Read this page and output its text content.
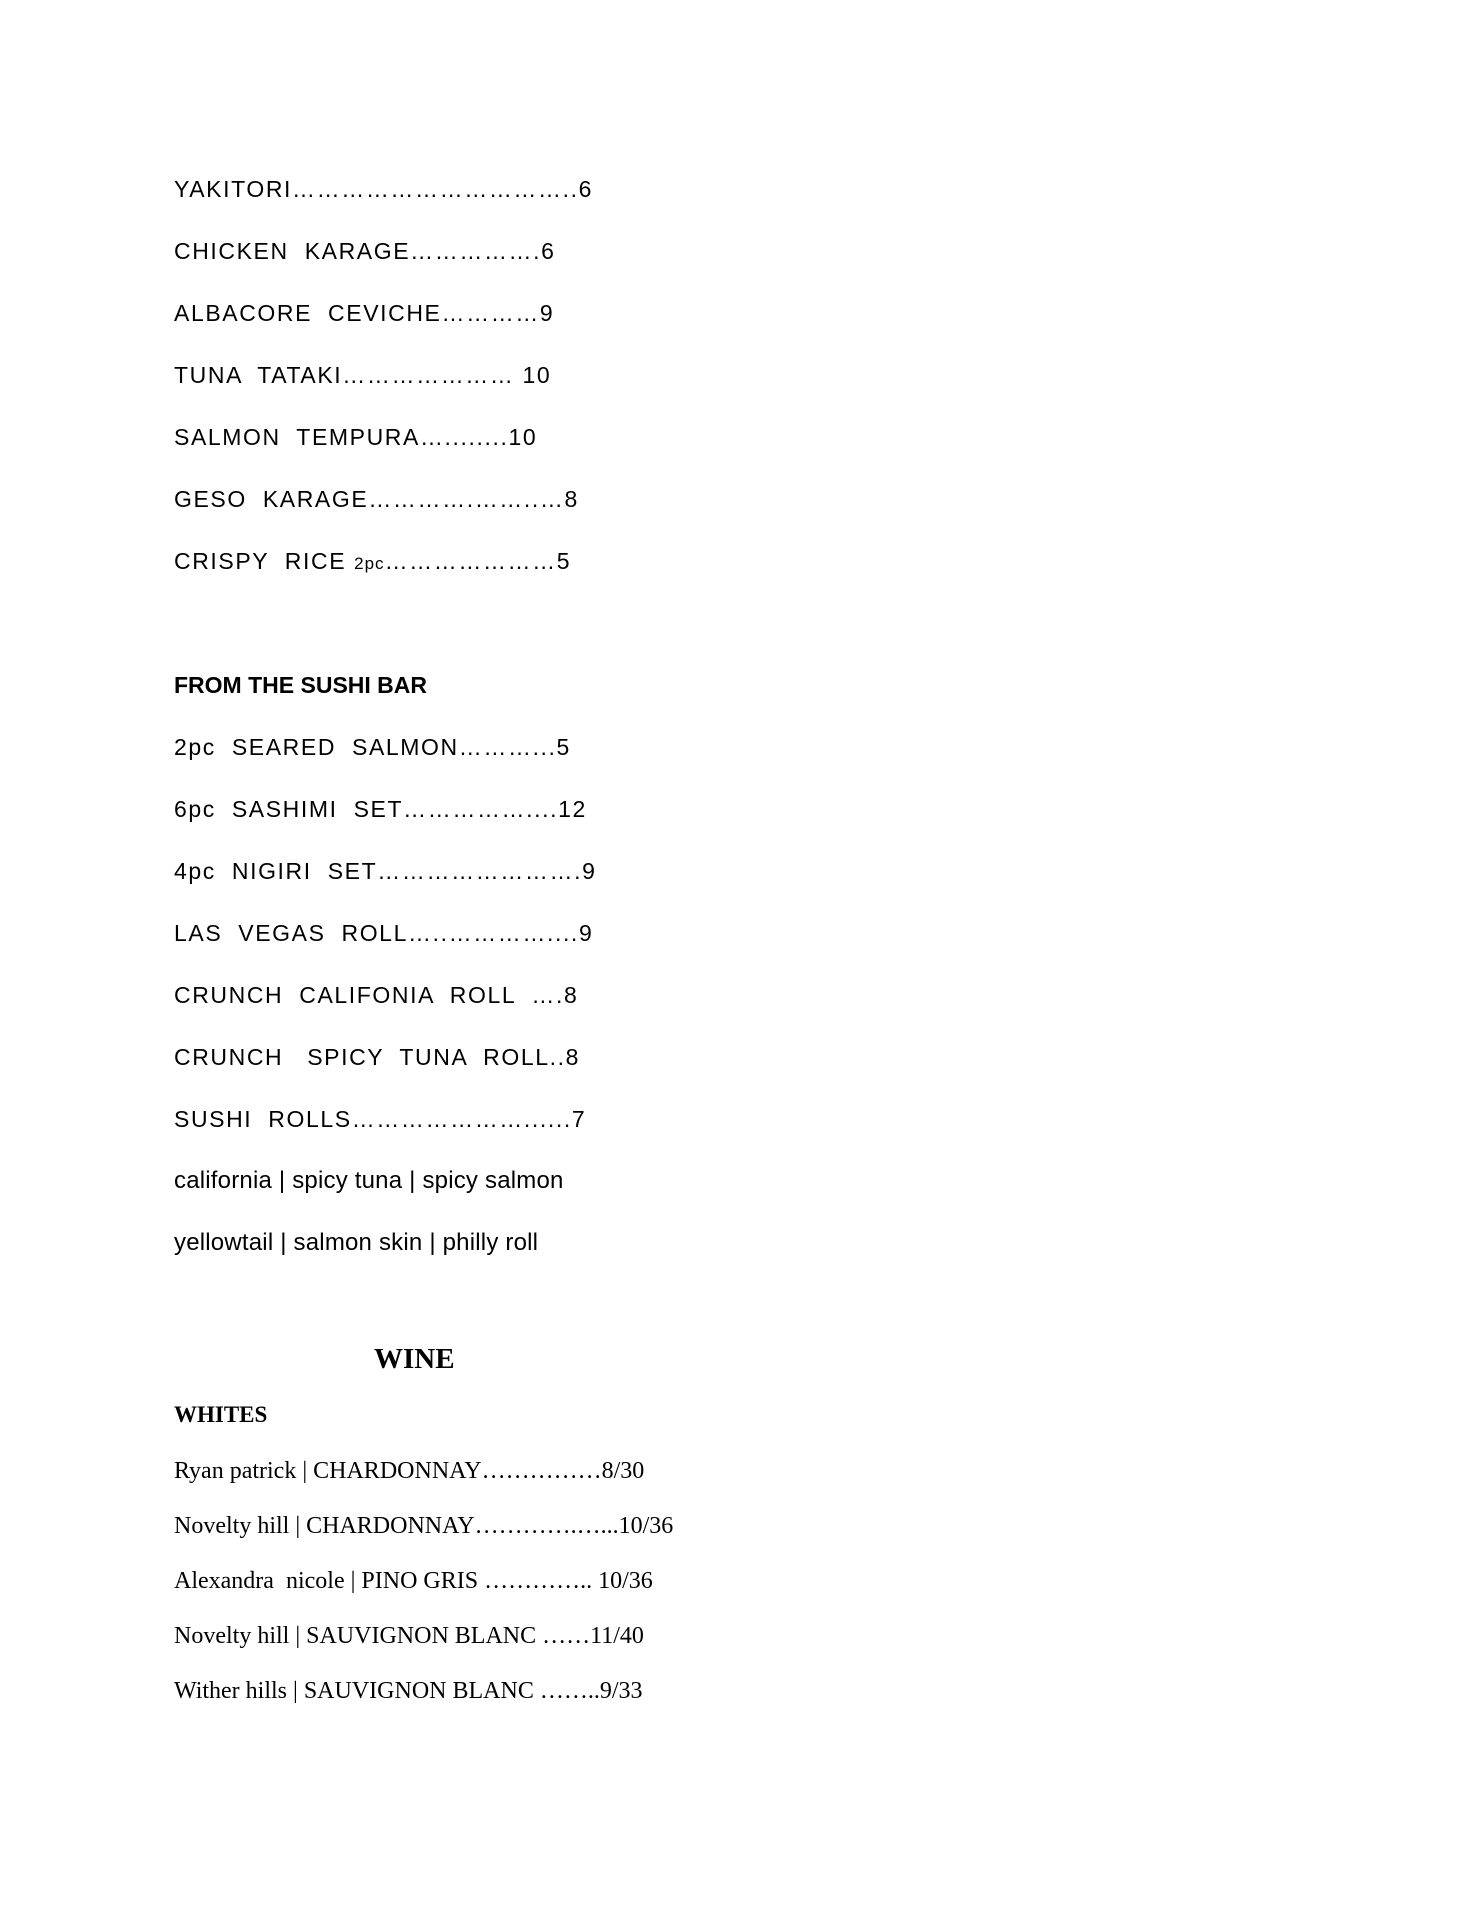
YAKITORI……………………………..6

CHICKEN  KARAGE…………….6

ALBACORE  CEVICHE…………9

TUNA  TATAKI………………… 10

SALMON  TEMPURA…........10

GESO  KARAGE………….……..…8

CRISPY  RICE 2pc…………………5

FROM THE SUSHI BAR

2pc  SEARED  SALMON………...5

6pc  SASHIMI  SET……………....12

4pc  NIGIRI  SET…………………….9

LAS  VEGAS  ROLL…..…………....9

CRUNCH  CALIFONIA  ROLL  ….8

CRUNCH   SPICY  TUNA  ROLL..8

SUSHI  ROLLS…………………......7

california | spicy tuna | spicy salmon

yellowtail | salmon skin | philly roll

WINE

WHITES

Ryan patrick | CHARDONNAY……………8/30

Novelty hill | CHARDONNAY………….…...10/36

Alexandra  nicole | PINO GRIS ………….. 10/36

Novelty hill | SAUVIGNON BLANC ……11/40

Wither hills | SAUVIGNON BLANC ……..9/33
